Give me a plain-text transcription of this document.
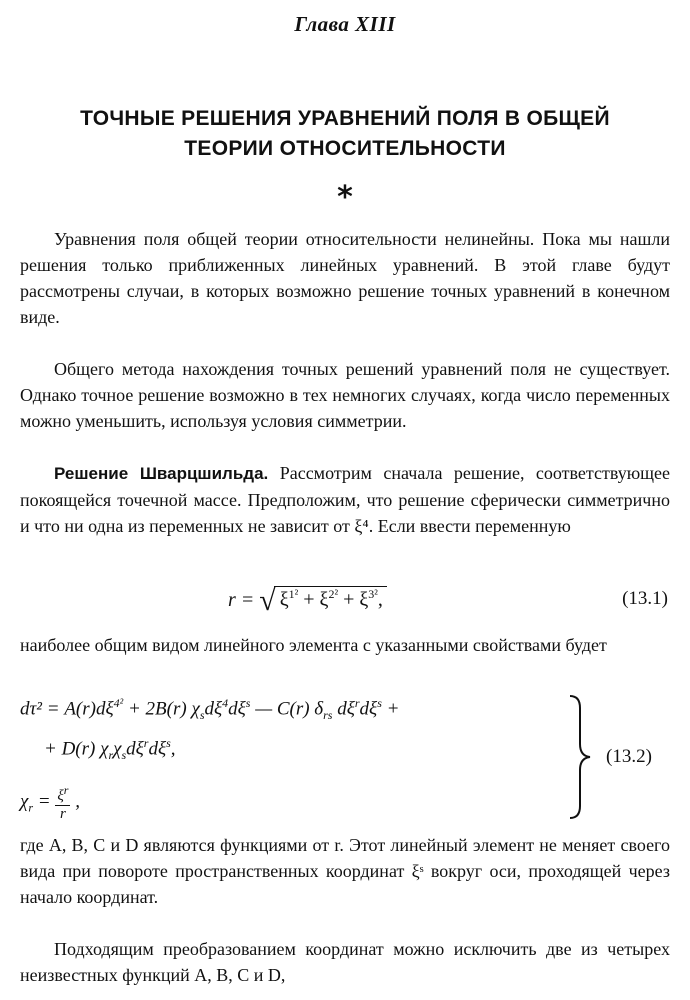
Глава XIII
ТОЧНЫЕ РЕШЕНИЯ УРАВНЕНИЙ ПОЛЯ В ОБЩЕЙ
ТЕОРИИ ОТНОСИТЕЛЬНОСТИ
*

Уравнения поля общей теории относительности нелинейны. Пока мы нашли решения только приближенных линейных уравнений. В этой главе будут рассмотрены случаи, в которых возможно решение точных уравнений в конечном виде.

Общего метода нахождения точных решений уравнений поля не существует. Однако точное решение возможно в тех немногих случаях, когда число переменных можно уменьшить, используя условия симметрии.

Решение Шварцшильда. Рассмотрим сначала решение, соответствующее покоящейся точечной массе. Предположим, что решение сферически симметрично и что ни одна из переменных не зависит от ξ⁴. Если ввести переменную

r = √ $\xi^{1^2} + \xi^{2^2} + \xi^{3^2}$,	(13.1)

наиболее общим видом линейного элемента с указанными свойствами будет

$d\tau^2 = A(r)d\xi^{4^2} + 2B(r)$ $\chi_sd\xi^4d\xi^s$ — C(r) $\delta_{rs}$ $d\xi^rd\xi^s$ +
+ D(r) $\chi_r\chi_sd\xi^rd\xi^s$,
$\chi_r = \frac{\xi^r}{r}$ ,
(13.2)

где A, B, C и D являются функциями от r. Этот линейный элемент не меняет своего вида при повороте пространственных координат ξˢ вокруг оси, проходящей через начало координат.

Подходящим преобразованием координат можно исключить две из четырех неизвестных функций A, B, C и D,
